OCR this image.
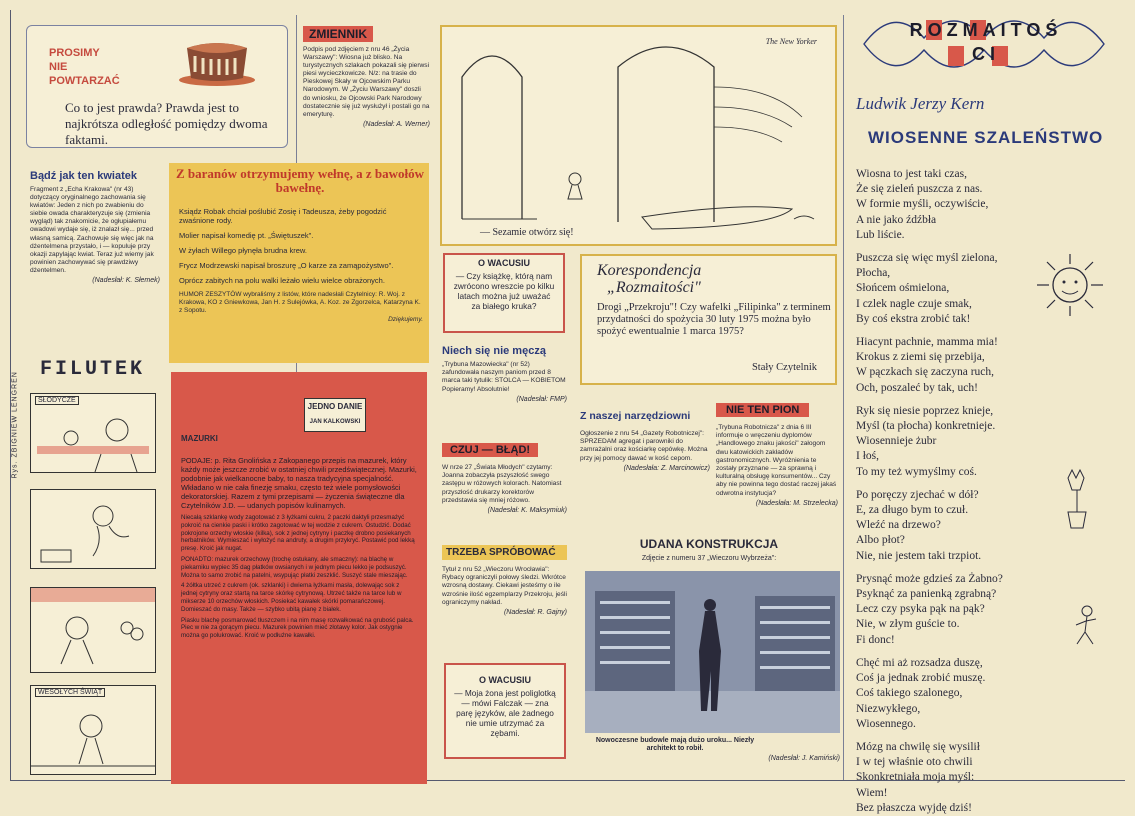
Rys. ZBIGNIEW LENGREN
PROSIMY
NIE
POWTARZAĆ
Co to jest prawda? Prawda jest to najkrótsza odległość pomiędzy dwoma faktami.
Bądź jak ten kwiatek
Fragment z „Echa Krakowa" (nr 43) dotyczący oryginalnego zachowania się kwiatów: Jeden z nich po zwabieniu do siebie owada charakteryzuje się (zmienia wygląd) tak znakomicie, że ogłupiałemu owadowi wydaje się, iż znalazł się... przed własną samicą. Zachowuje się więc jak na dżentelmena przystało, i — kopuluje przy okazji zapylając kwiat. Teraz już wiemy jak powinien zachowywać się prawdziwy dżentelmen.
(Nadesłał: K. Słemek)
FILUTEK
SŁODYCZE
WESOŁYCH ŚWIĄT
ZMIENNIK
Podpis pod zdjęciem z nru 46 „Życia Warszawy": Wiosna już blisko. Na turystycznych szlakach pokazali się pierwsi piesi wycieczkowicze. N/z: na trasie do Pieskowej Skały w Ojcowskim Parku Narodowym. W „Życiu Warszawy" doszli do wniosku, że Ojcowski Park Narodowy dostatecznie się już wysłużył i postali go na emeryturę.
(Nadesłał: A. Werner)
Z baranów otrzymujemy wełnę, a z bawołów bawełnę.

Ksiądz Robak chciał poślubić Zosię i Tadeusza, żeby pogodzić zwaśnione rody.

Molier napisał komedię pt. „Świętuszek".

W żyłach Willego płynęła brudna krew.

Frycz Modrzewski napisał broszurę „O karze za zamąpożystwo".

Oprócz zabitych na polu walki leżało wielu wielce obrażonych.

HUMOR ZESZYTÓW wybraliśmy z listów, które nadesłali Czytelnicy: R. Woj. z Krakowa, KO z Gniewkowa, Jan H. z Sulejówka, A. Koz. ze Zgorzelca, Katarzyna K. z Sopotu.

Dziękujemy.

JEDNO DANIE
JAN KALKOWSKI
MAZURKI

PODAJE: p. Rita Gnolińska z Zakopanego przepis na mazurek, który każdy może jeszcze zrobić w ostatniej chwili przedświątecznej. Mazurki, podobnie jak wielkanocne baby, to nasza tradycyjna specjalność. Wkładano w nie cała finezję smaku, często też wiele pomysłowości dekoratorskiej. Razem z tymi przepisami — życzenia świąteczne dla Czytelników J.D. — udanych popisów kulinarnych.

Niecałą szklankę wody zagotować z 3 łyżkami cukru, 2 paczki daktyli przesmażyć pokroić na cienkie paski i krótko zagotować w tej wodzie z cukrem. Ostudzić. Dodać pokrojone orzechy włoskie (kilka), sok z jednej cytryny i paczkę drobno posiekanych herbatników. Wymieszać i wyłożyć na andruty, a drugim przykryć. Postawić pod lekką presę. Kroić jak nugat.

PONADTO: mazurek orzechowy (trochę ostukany, ale smaczny): na blachę w piekarniku wypiec 35 dag płatków owsianych i w jednym piecu lekko je podsuszyć. Można to samo zrobić na patelni, wsypując płatki zeszklić. Suszyć stale mieszając.

4 żółtka utrzeć z cukrem (ok. szklanki) i dwiema łyżkami masła, dolewając sok z jednej cytryny oraz startą na tarce skórkę cytrynową. Utrzeć także na tarce lub w mikserze 10 orzechów włoskich. Posiekać kawałek skórki pomarańczowej. Domieszać do masy. Także — szybko ubitą pianę z białek.

Piasku blachę posmarować tłuszczem i na nim masę rozwałkować na grubość palca. Piec w nie za gorącym piecu. Mazurek powinien mieć złotawy kolor. Jak ostygnie można go polukrować. Kroić w podłużne kawałki.

The New Yorker
— Sezamie otwórz się!
O WACUSIU
— Czy książkę, którą nam zwrócono wreszcie po kilku latach można już uważać za białego kruka?
Niech się nie męczą
„Trybuna Mazowiecka" (nr 52) zafundowała naszym paniom przed 8 marca taki tytulik: STOLCA — KOBIETOM Popieramy! Absolutnie!
(Nadesłał: FMP)
CZUJ — BŁĄD!
W nrze 27 „Świata Młodych" czytamy: Joanna zobaczyła pszyszłość swego zastępu w różowych kolorach. Natomiast przyszłość drukarzy korektorów przedstawia się mniej różowo.
(Nadesłał: K. Maksymiuk)
TRZEBA SPRÓBOWAĆ
Tytuł z nru 52 „Wieczoru Wrocławia": Rybacy ograniczyli połowy śledzi. Wkrótce wzrosną dostawy. Ciekawi jesteśmy o ile wzrośnie ilość egzemplarzy Przekroju, jeśli ograniczymy nakład.
(Nadesłał: R. Gajny)
O WACUSIU
— Moja żona jest poliglotką — mówi Falczak — zna parę języków, ale żadnego nie umie utrzymać za zębami.
Korespondencja
„Rozmaitości"
Drogi „Przekroju"! Czy wafelki „Filipinka" z terminem przydatności do spożycia 30 luty 1975 można było spożyć ewentualnie 1 marca 1975?
Stały Czytelnik
Z naszej narzędziowni
Ogłoszenie z nru 54 „Gazety Robotniczej": SPRZEDAM agregat i parowniki do zamrażalni oraz kościarkę cepówkę. Można przy jej pomocy dawać w kość cepom.
(Nadesłała: Z. Marcinowicz)
NIE TEN PION
„Trybuna Robotnicza" z dnia 6 III informuje o wręczeniu dyplomów „Handlowego znaku jakości" załogom dwu katowickich zakładów gastronomicznych. Wyróżnienia te zostały przyznane — za sprawną i kulturalną obsługę konsumentów... Czy aby nie powinna tego dostać raczej jakaś odwrotna instytucja?
(Nadesłała: M. Strzelecka)
UDANA KONSTRUKCJA
Zdjęcie z numeru 37 „Wieczoru Wybrzeża":
Nowoczesne budowle mają dużo uroku... Niezły architekt to robił.
(Nadesłał: J. Kamiński)
ROZMAITOŚCI
Ludwik Jerzy Kern
WIOSENNE SZALEŃSTWO
Wiosna to jest taki czas,
Że się zieleń puszcza z nas.
W formie myśli, oczywiście,
A nie jako źdźbła
Lub liście.
Puszcza się więc myśl zielona,
Płocha,
Słońcem ośmielona,
I czlek nagle czuje smak,
By coś ekstra zrobić tak!
Hiacynt pachnie, mamma mia!
Krokus z ziemi się przebija,
W pączkach się zaczyna ruch,
Och, poszaleć by tak, uch!
Ryk się niesie poprzez knieje,
Myśl (ta płocha) konkretnieje.
Wiosennieje żubr
I łoś,
To my też wymyślmy coś.
Po poręczy zjechać w dół?
E, za długo bym to czuł.
Wleźć na drzewo?
Albo płot?
Nie, nie jestem taki trzpiot.
Prysnąć może gdzieś za Żabno?
Psyknąć za panienką zgrabną?
Lecz czy psyka pąk na pąk?
Nie, w złym guście to.
Fi donc!
Chęć mi aż rozsadza duszę,
Coś ja jednak zrobić muszę.
Coś takiego szalonego,
Niezwykłego,
Wiosennego.
Mózg na chwilę się wysilił
I w tej właśnie oto chwili
Skonkretniała moja myśl:
Wiem!
Bez płaszcza wyjdę dziś!
